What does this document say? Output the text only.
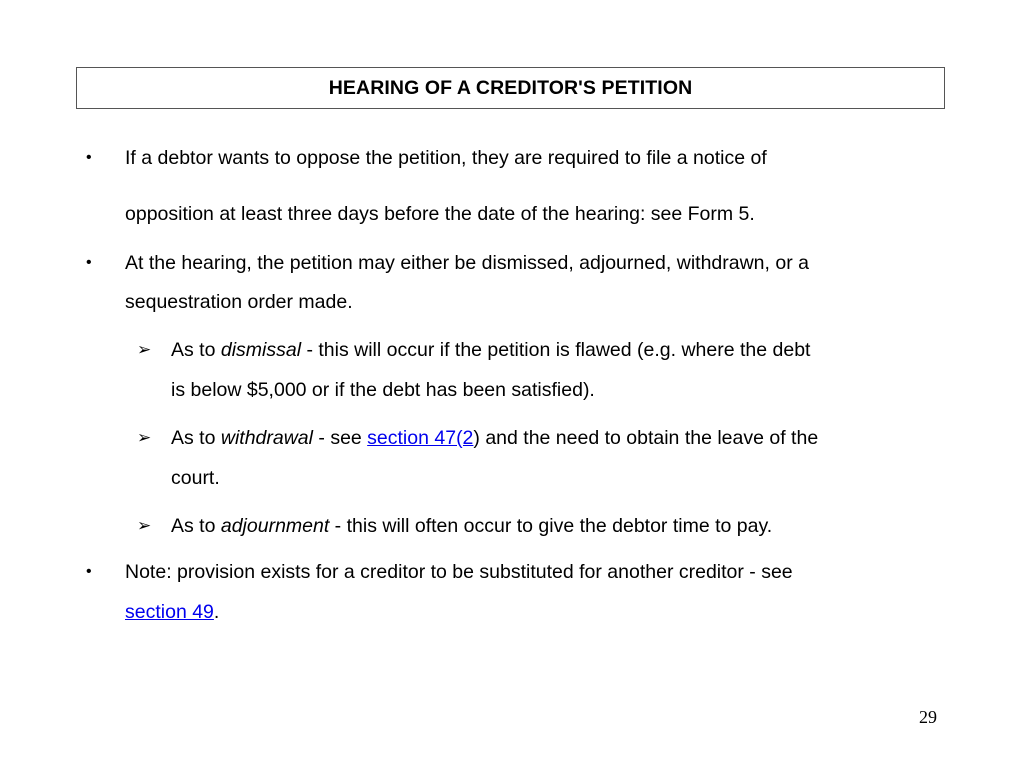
HEARING OF A CREDITOR'S PETITION
• If a debtor wants to oppose the petition, they are required to file a notice of
opposition at least three days before the date of the hearing: see Form 5.
• At the hearing, the petition may either be dismissed, adjourned, withdrawn, or a
sequestration order made.
➢ As to dismissal - this will occur if the petition is flawed (e.g. where the debt
is below $5,000 or if the debt has been satisfied).
➢ As to withdrawal - see section 47(2) and the need to obtain the leave of the
court.
➢ As to adjournment - this will often occur to give the debtor time to pay.
• Note: provision exists for a creditor to be substituted for another creditor - see
section 49.
29
